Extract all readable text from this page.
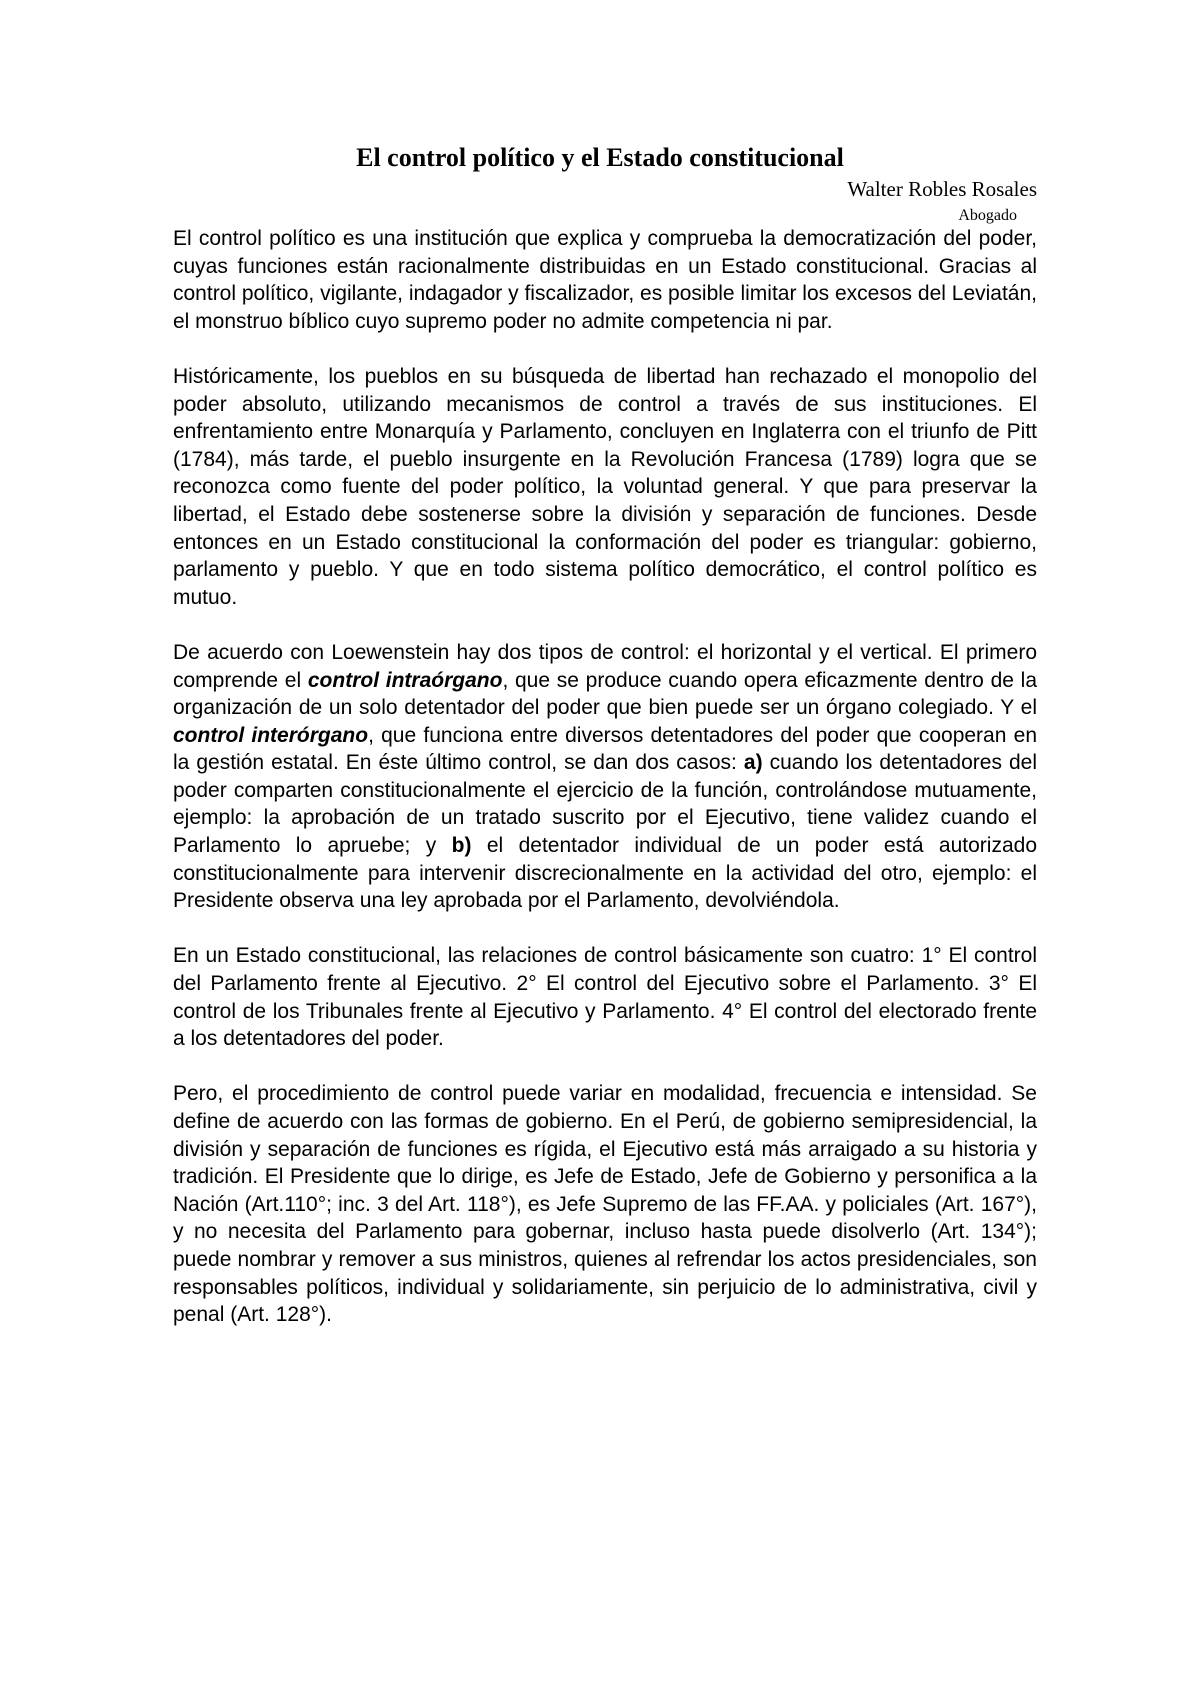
El control político y el Estado constitucional
Walter Robles Rosales
Abogado

El control político es una institución que explica y comprueba la democratización del poder, cuyas funciones están racionalmente distribuidas en un Estado constitucional. Gracias al control político, vigilante, indagador y fiscalizador, es posible limitar los excesos del Leviatán, el monstruo bíblico cuyo supremo poder no admite competencia ni par.

Históricamente, los pueblos en su búsqueda de libertad han rechazado el monopolio del poder absoluto, utilizando mecanismos de control a través de sus instituciones. El enfrentamiento entre Monarquía y Parlamento, concluyen en Inglaterra con el triunfo de Pitt (1784), más tarde, el pueblo insurgente en la Revolución Francesa (1789) logra que se reconozca como fuente del poder político, la voluntad general. Y que para preservar la libertad, el Estado debe sostenerse sobre la división y separación de funciones. Desde entonces en un Estado constitucional la conformación del poder es triangular: gobierno, parlamento y pueblo. Y que en todo sistema político democrático, el control político es mutuo.

De acuerdo con Loewenstein hay dos tipos de control: el horizontal y el vertical. El primero comprende el control intraórgano, que se produce cuando opera eficazmente dentro de la organización de un solo detentador del poder que bien puede ser un órgano colegiado. Y el control interórgano, que funciona entre diversos detentadores del poder que cooperan en la gestión estatal. En éste último control, se dan dos casos: a) cuando los detentadores del poder comparten constitucionalmente el ejercicio de la función, controlándose mutuamente, ejemplo: la aprobación de un tratado suscrito por el Ejecutivo, tiene validez cuando el Parlamento lo apruebe; y b) el detentador individual de un poder está autorizado constitucionalmente para intervenir discrecionalmente en la actividad del otro, ejemplo: el Presidente observa una ley aprobada por el Parlamento, devolviéndola.

En un Estado constitucional, las relaciones de control básicamente son cuatro: 1° El control del Parlamento frente al Ejecutivo. 2° El control del Ejecutivo sobre el Parlamento. 3° El control de los Tribunales frente al Ejecutivo y Parlamento. 4° El control del electorado frente a los detentadores del poder.

Pero, el procedimiento de control puede variar en modalidad, frecuencia e intensidad. Se define de acuerdo con las formas de gobierno. En el Perú, de gobierno semipresidencial, la división y separación de funciones es rígida, el Ejecutivo está más arraigado a su historia y tradición. El Presidente que lo dirige, es Jefe de Estado, Jefe de Gobierno y personifica a la Nación (Art.110°; inc. 3 del Art. 118°), es Jefe Supremo de las FF.AA. y policiales (Art. 167°), y no necesita del Parlamento para gobernar, incluso hasta puede disolverlo (Art. 134°); puede nombrar y remover a sus ministros, quienes al refrendar los actos presidenciales, son responsables políticos, individual y solidariamente, sin perjuicio de lo administrativa, civil y penal (Art. 128°).
